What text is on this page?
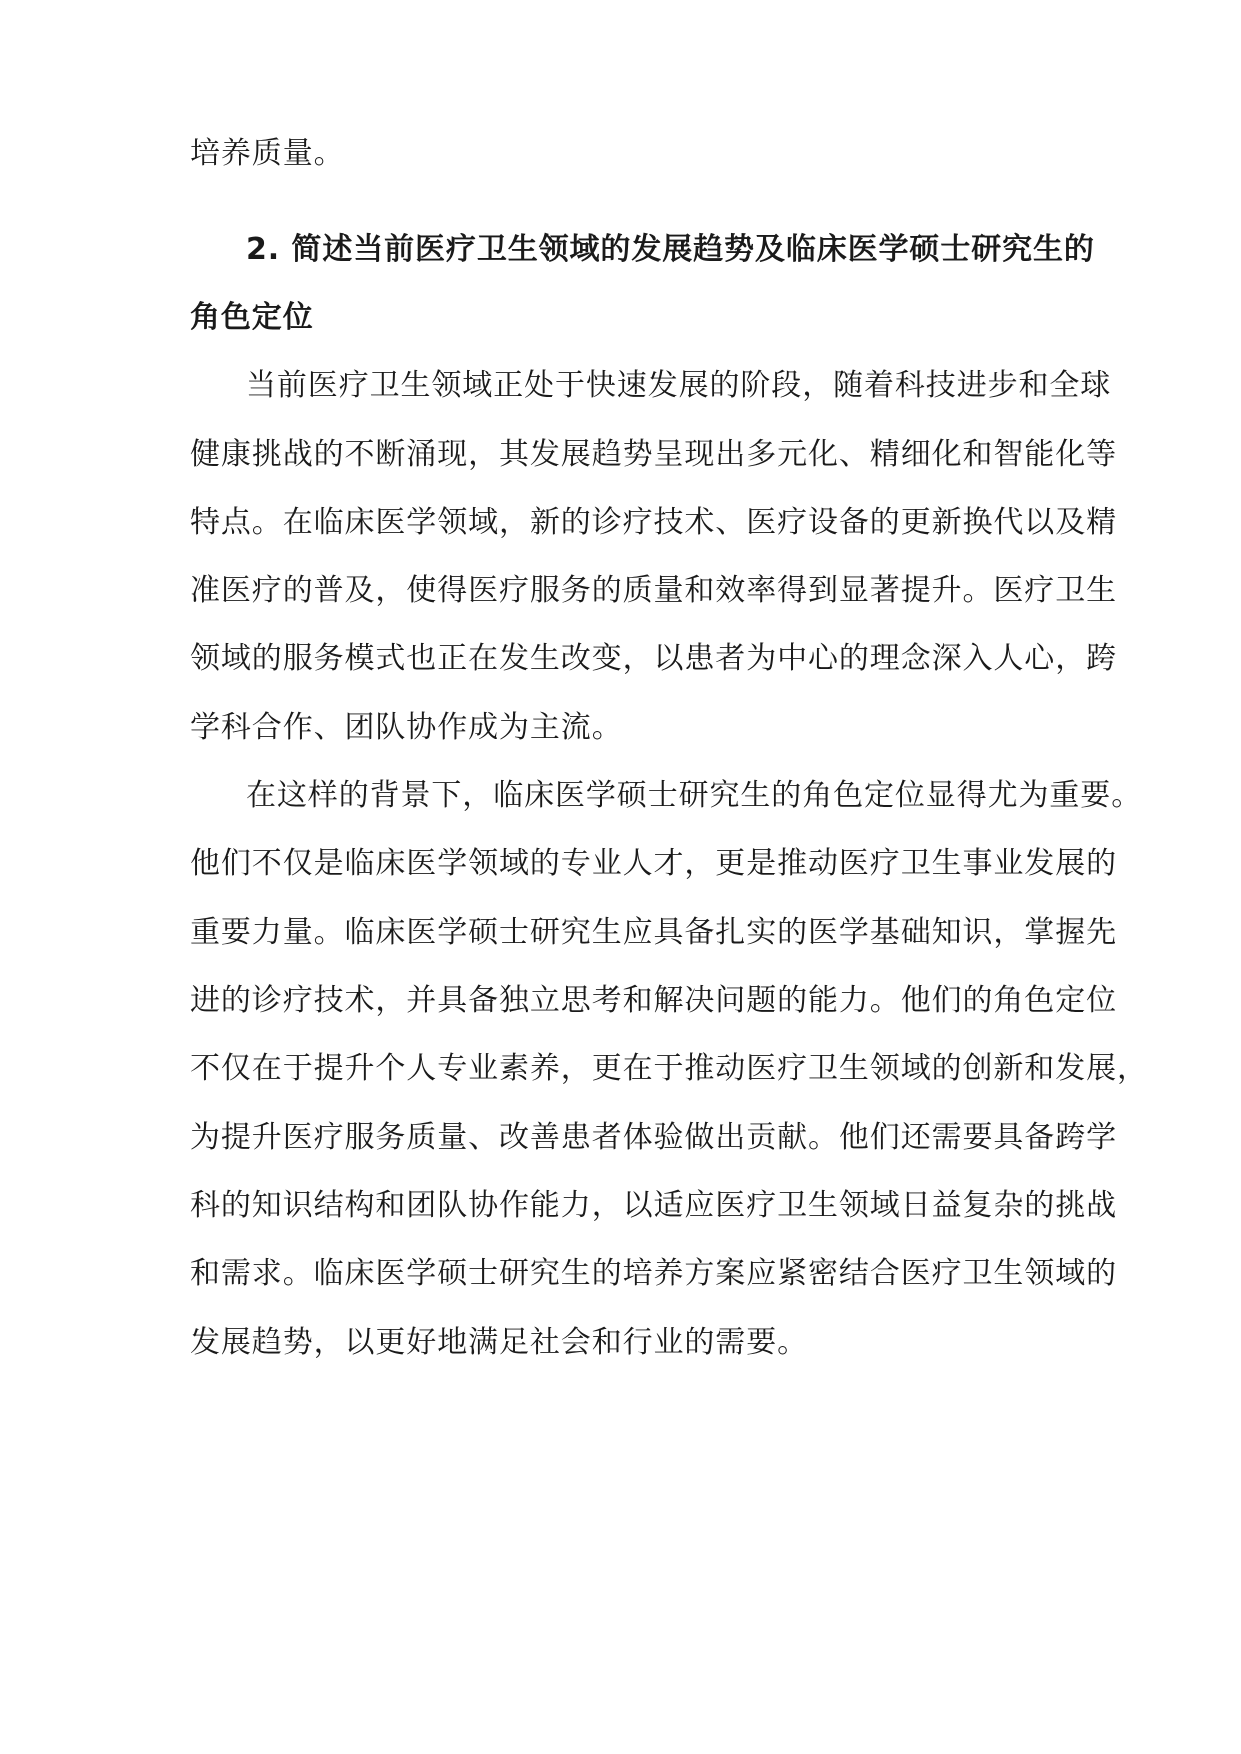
培养质量。
2. 简述当前医疗卫生领域的发展趋势及临床医学硕士研究生的
角色定位
当前医疗卫生领域正处于快速发展的阶段，随着科技进步和全球
健康挑战的不断涌现，其发展趋势呈现出多元化、精细化和智能化等
特点。在临床医学领域，新的诊疗技术、医疗设备的更新换代以及精
准医疗的普及，使得医疗服务的质量和效率得到显著提升。医疗卫生
领域的服务模式也正在发生改变，以患者为中心的理念深入人心，跨
学科合作、团队协作成为主流。
在这样的背景下，临床医学硕士研究生的角色定位显得尤为重要。
他们不仅是临床医学领域的专业人才，更是推动医疗卫生事业发展的
重要力量。临床医学硕士研究生应具备扎实的医学基础知识，掌握先
进的诊疗技术，并具备独立思考和解决问题的能力。他们的角色定位
不仅在于提升个人专业素养，更在于推动医疗卫生领域的创新和发展，
为提升医疗服务质量、改善患者体验做出贡献。他们还需要具备跨学
科的知识结构和团队协作能力，以适应医疗卫生领域日益复杂的挑战
和需求。临床医学硕士研究生的培养方案应紧密结合医疗卫生领域的
发展趋势，以更好地满足社会和行业的需要。
